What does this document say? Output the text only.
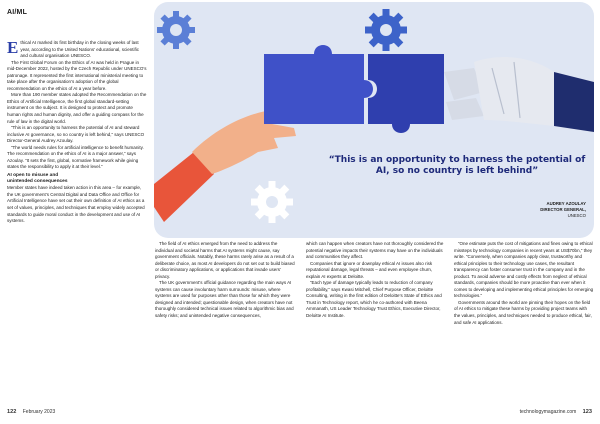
AI/ML
“This is an opportunity to harness the potential of AI, so no country is left behind”
AUDREY AZOULAY
DIRECTOR GENERAL,
UNESCO

Ethical AI marked its first birthday in the closing weeks of last year, according to the United Nations’ educational, scientific and cultural organisation UNESCO.

The First Global Forum on the Ethics of AI was held in Prague in mid-December 2022, hosted by the Czech Republic under UNESCO’s patronage. It represented the first international ministerial meeting to take place after the organisation’s adoption of the global recommendation on the ethics of AI a year before.

More than 190 member states adopted the Recommendation on the Ethics of Artificial Intelligence, the first global standard-setting instrument on the subject. It is designed to protect and promote human rights and human dignity, and offer a guiding compass for the rule of law in the digital world.

“This is an opportunity to harness the potential of AI and steward inclusive AI governance, so no country is left behind,” says UNESCO Director-General Audrey Azoulay.

“The world needs rules for artificial intelligence to benefit humanity. The recommendation on the ethics of AI is a major answer,” says Azoulay. “It sets the first, global, normative framework while giving states the responsibility to apply it at their level.”

AI open to misuse and
unintended consequences

Member states have indeed taken action in this area – for example, the UK government’s Central Digital and Data Office and Office for Artificial Intelligence have set out their own definition of AI ethics as a set of values, principles, and techniques that employ widely accepted standards to guide moral conduct in the development and use of AI systems.

The field of AI ethics emerged from the need to address the individual and societal harms that AI systems might cause, say government officials. Notably, these harms rarely arise as a result of a deliberate choice, as most AI developers do not set out to build biased or discriminatory applications, or applications that invade users’ privacy.

The UK government’s official guidance regarding the main ways AI systems can cause involuntary harm surrounds: misuse, where systems are used for purposes other than those for which they were designed and intended; questionable design, when creators have not thoroughly considered technical issues related to algorithmic bias and safety risks; and unintended negative consequences,

which can happen when creators have not thoroughly considered the potential negative impacts their systems may have on the individuals and communities they affect.

Companies that ignore or downplay ethical AI issues also risk reputational damage, legal threats – and even employee churn, explain AI experts at Deloitte.

“Each type of damage typically leads to reduction of company profitability,” says Kwasi Mitchell, Chief Purpose Officer, Deloitte Consulting, writing in the first edition of Deloitte’s State of Ethics and Trust in Technology report, which he co-authored with Beena Ammanath, US Leader Technology Trust Ethics, Executive Director, Deloitte AI Institute.

“One estimate puts the cost of mitigations and fines owing to ethical missteps by technology companies in recent years at US$70bn,” they write. “Conversely, when companies apply clear, trustworthy and ethical principles to their technology use cases, the resultant transparency can foster consumer trust in the company and in the product. To avoid adverse and costly effects from neglect of ethical standards, companies should be more proactive than ever when it comes to developing and implementing ethical principles for emerging technologies.”

Governments around the world are pinning their hopes on the field of AI ethics to mitigate these harms by providing project teams with the values, principles, and techniques needed to produce ethical, fair, and safe AI applications.

122 February 2023	technologymagazine.com 123
